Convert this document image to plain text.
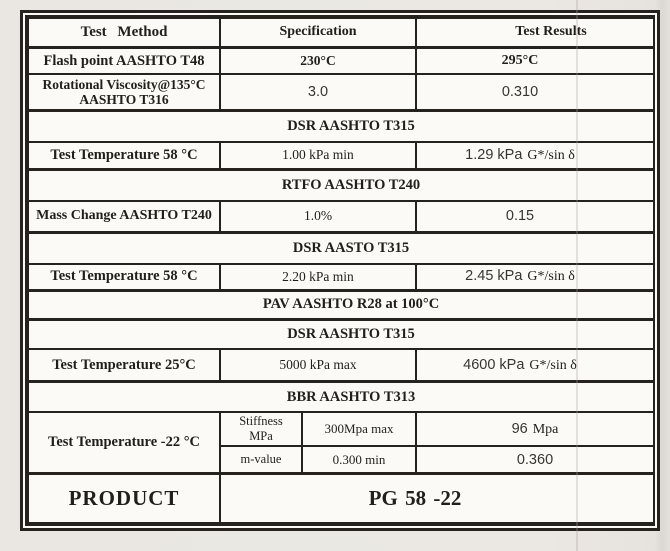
Test Method	Specification		Test Results
Flash point AASHTO T48	230°C		295°C

Rotational Viscosity@135°C
AASHTO T316	3.0		0.310
DSR AASHTO T315			
Test Temperature 58 °C	1.00 kPa min		1.29 kPa G*/sin δ
RTFO AASHTO T240			
Mass Change AASHTO T240	1.0%		0.15
DSR AASTO T315			
Test Temperature 58 °C	2.20 kPa min		2.45 kPa G*/sin δ
PAV AASHTO R28 at 100°C			
DSR AASHTO T315			
Test Temperature 25°C	5000 kPa max		4600 kPa G*/sin δ
BBR AASHTO T313			
Test Temperature -22 °C	Stiffness MPa	300Mpa max	96 Mpa
	m-value	0.300 min	0.360
PRODUCT	PG 58 -22		
